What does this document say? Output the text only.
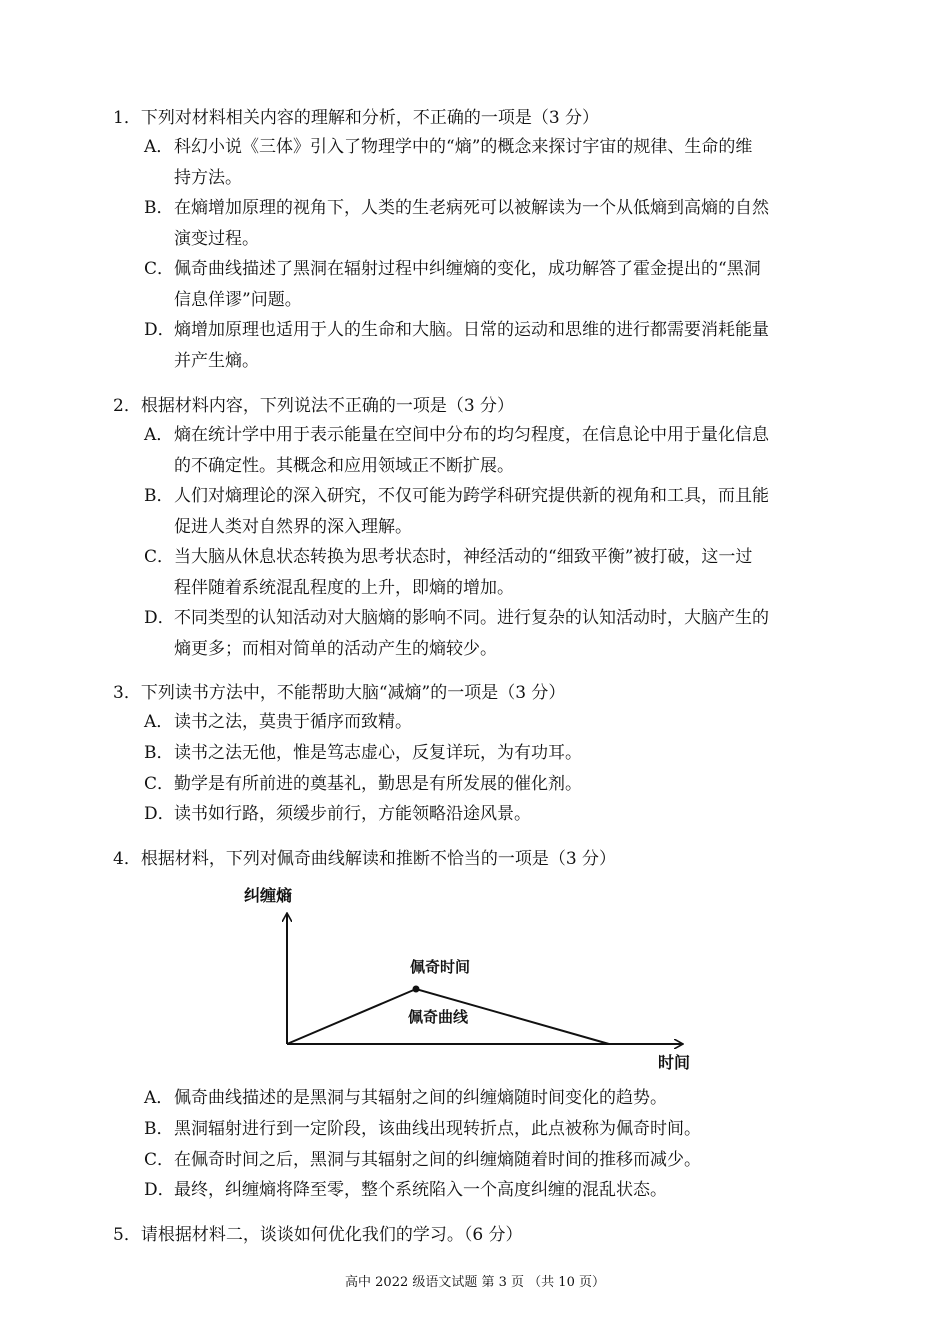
1．下列对材料相关内容的理解和分析，不正确的一项是（3 分）
A．科幻小说《三体》引入了物理学中的“熵”的概念来探讨宇宙的规律、生命的维
持方法。
B．在熵增加原理的视角下，人类的生老病死可以被解读为一个从低熵到高熵的自然
演变过程。
C．佩奇曲线描述了黑洞在辐射过程中纠缠熵的变化，成功解答了霍金提出的“黑洞
信息佯谬”问题。
D．熵增加原理也适用于人的生命和大脑。日常的运动和思维的进行都需要消耗能量
并产生熵。
2．根据材料内容，下列说法不正确的一项是（3 分）
A．熵在统计学中用于表示能量在空间中分布的均匀程度，在信息论中用于量化信息
的不确定性。其概念和应用领域正不断扩展。
B．人们对熵理论的深入研究，不仅可能为跨学科研究提供新的视角和工具，而且能
促进人类对自然界的深入理解。
C．当大脑从休息状态转换为思考状态时，神经活动的“细致平衡”被打破，这一过
程伴随着系统混乱程度的上升，即熵的增加。
D．不同类型的认知活动对大脑熵的影响不同。进行复杂的认知活动时，大脑产生的
熵更多；而相对简单的活动产生的熵较少。
3．下列读书方法中，不能帮助大脑“减熵”的一项是（3 分）
A．读书之法，莫贵于循序而致精。
B．读书之法无他，惟是笃志虚心，反复详玩，为有功耳。
C．勤学是有所前进的奠基礼，勤思是有所发展的催化剂。
D．读书如行路，须缓步前行，方能领略沿途风景。
4．根据材料，下列对佩奇曲线解读和推断不恰当的一项是（3 分）
纠缠熵
时间
佩奇时间
佩奇曲线
A．佩奇曲线描述的是黑洞与其辐射之间的纠缠熵随时间变化的趋势。
B．黑洞辐射进行到一定阶段，该曲线出现转折点，此点被称为佩奇时间。
C．在佩奇时间之后，黑洞与其辐射之间的纠缠熵随着时间的推移而减少。
D．最终，纠缠熵将降至零，整个系统陷入一个高度纠缠的混乱状态。
5．请根据材料二，谈谈如何优化我们的学习。（6 分）
高中 2022 级语文试题 第 3 页 （共 10 页）
